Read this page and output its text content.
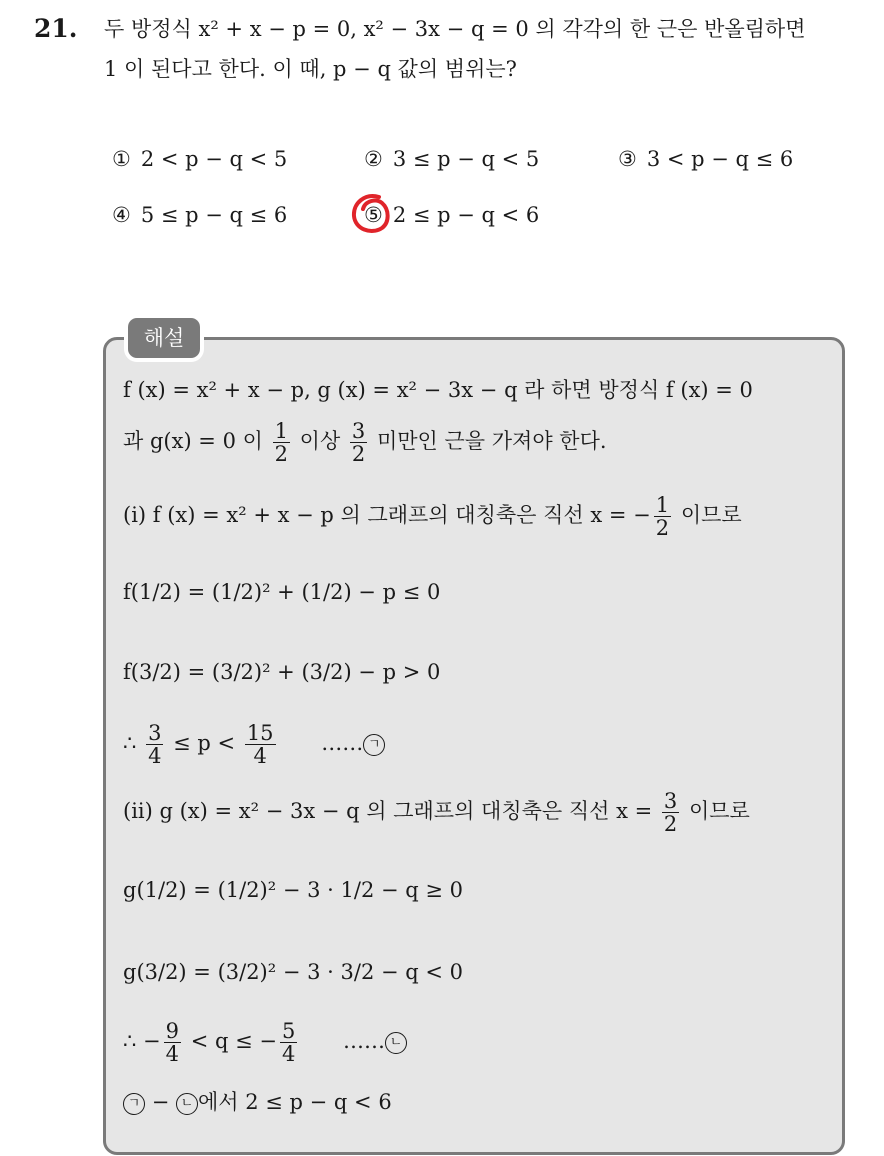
21. 두 방정식 x² + x − p = 0, x² − 3x − q = 0 의 각각의 한 근은 반올림하면
1 이 된다고 한다. 이 때, p − q 값의 범위는?
① 2 < p − q < 5	② 3 ≤ p − q < 5	③ 3 < p − q ≤ 6
④ 5 ≤ p − q ≤ 6	⑤ 2 ≤ p − q < 6
해설
f (x) = x² + x − p, g (x) = x² − 3x − q 라 하면 방정식 f (x) = 0
과 g(x) = 0 이 $\frac{1}{2}$ 이상 $\frac{3}{2}$ 미만인 근을 가져야 한다.
(i) f (x) = x² + x − p 의 그래프의 대칭축은 직선 x = − $\frac{1}{2}$ 이므로
f(1/2) = (1/2)² + (1/2) − p ≤ 0
f(3/2) = (3/2)² + (3/2) − p > 0
∴ $\frac{3}{4} \le p < \frac{15}{4}$ …… ㄱ
(ii) g (x) = x² − 3x − q 의 그래프의 대칭축은 직선 $x = \frac{3}{2}$ 이므로
g(1/2) = (1/2)² − 3 · 1/2 − q ≥ 0
g(3/2) = (3/2)² − 3 · 3/2 − q < 0
∴ − $\frac{9}{4} < q$ ≤ − $\frac{5}{4}$ …… ㄴ
ㄱ − ㄴ 에서 2 ≤ p − q < 6
